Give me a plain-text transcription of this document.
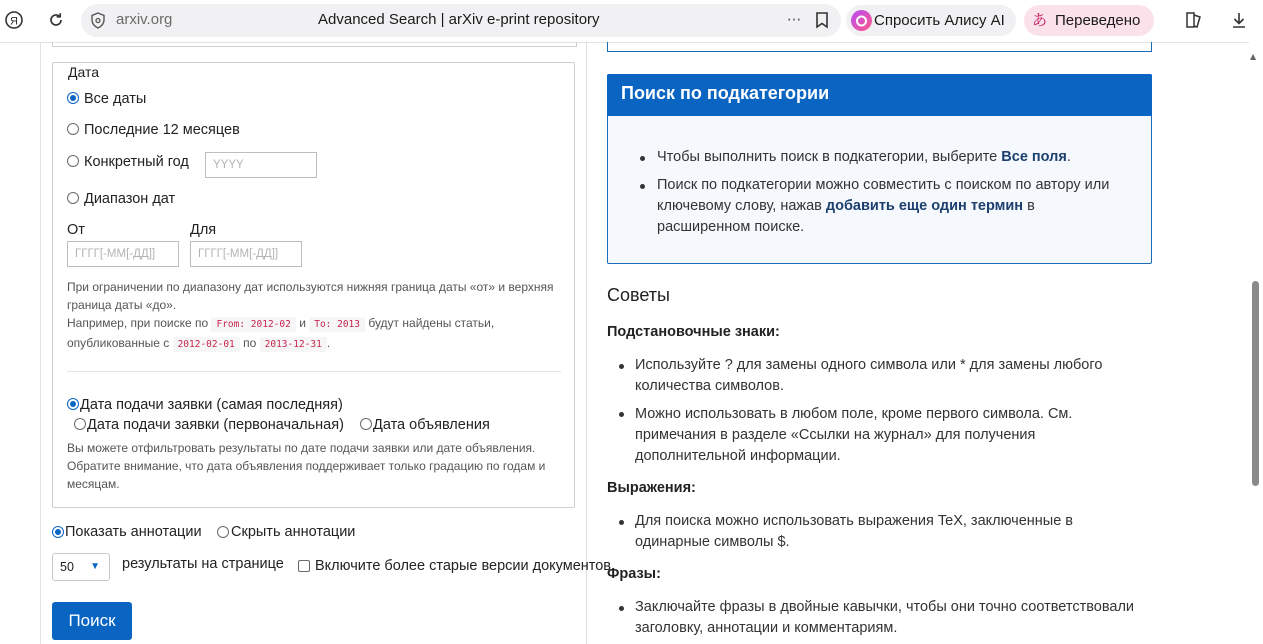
Я	arxiv.org	Advanced Search | arXiv e-print repository	···	Спросить Алису AI あ Переведено
Дата
Все даты
Последние 12 месяцев
Конкретный год	YYYY
Диапазон дат
От	Для
ГГГГ[-ММ[-ДД]]	ГГГГ[-ММ[-ДД]]
При ограничении по диапазону дат используются нижняя граница даты «от» и верхняя
граница даты «до».
Например, при поиске по From: 2012-02 и To: 2013 будут найдены статьи,
опубликованные с 2012-02-01 по 2013-12-31 .
Дата подачи заявки (самая последняя)
Дата подачи заявки (первоначальная) Дата объявления
Вы можете отфильтровать результаты по дате подачи заявки или дате объявления.
Обратите внимание, что дата объявления поддерживает только градацию по годам и
месяцам.
Показать аннотации Скрыть аннотации
50 ▼ результаты на странице Включите более старые версии документов
Поиск
Поиск по подкатегории
Чтобы выполнить поиск в подкатегории, выберите Все поля.
Поиск по подкатегории можно совместить с поиском по автору или
ключевому слову, нажав добавить еще один термин в
расширенном поиске.
Советы
Подстановочные знаки:
Используйте ? для замены одного символа или * для замены любого
количества символов.
Можно использовать в любом поле, кроме первого символа. См.
примечания в разделе «Ссылки на журнал» для получения
дополнительной информации.
Выражения:
Для поиска можно использовать выражения TeX, заключенные в
одинарные символы $.
Фразы:
Заключайте фразы в двойные кавычки, чтобы они точно соответствовали
заголовку, аннотации и комментариям.
▲
